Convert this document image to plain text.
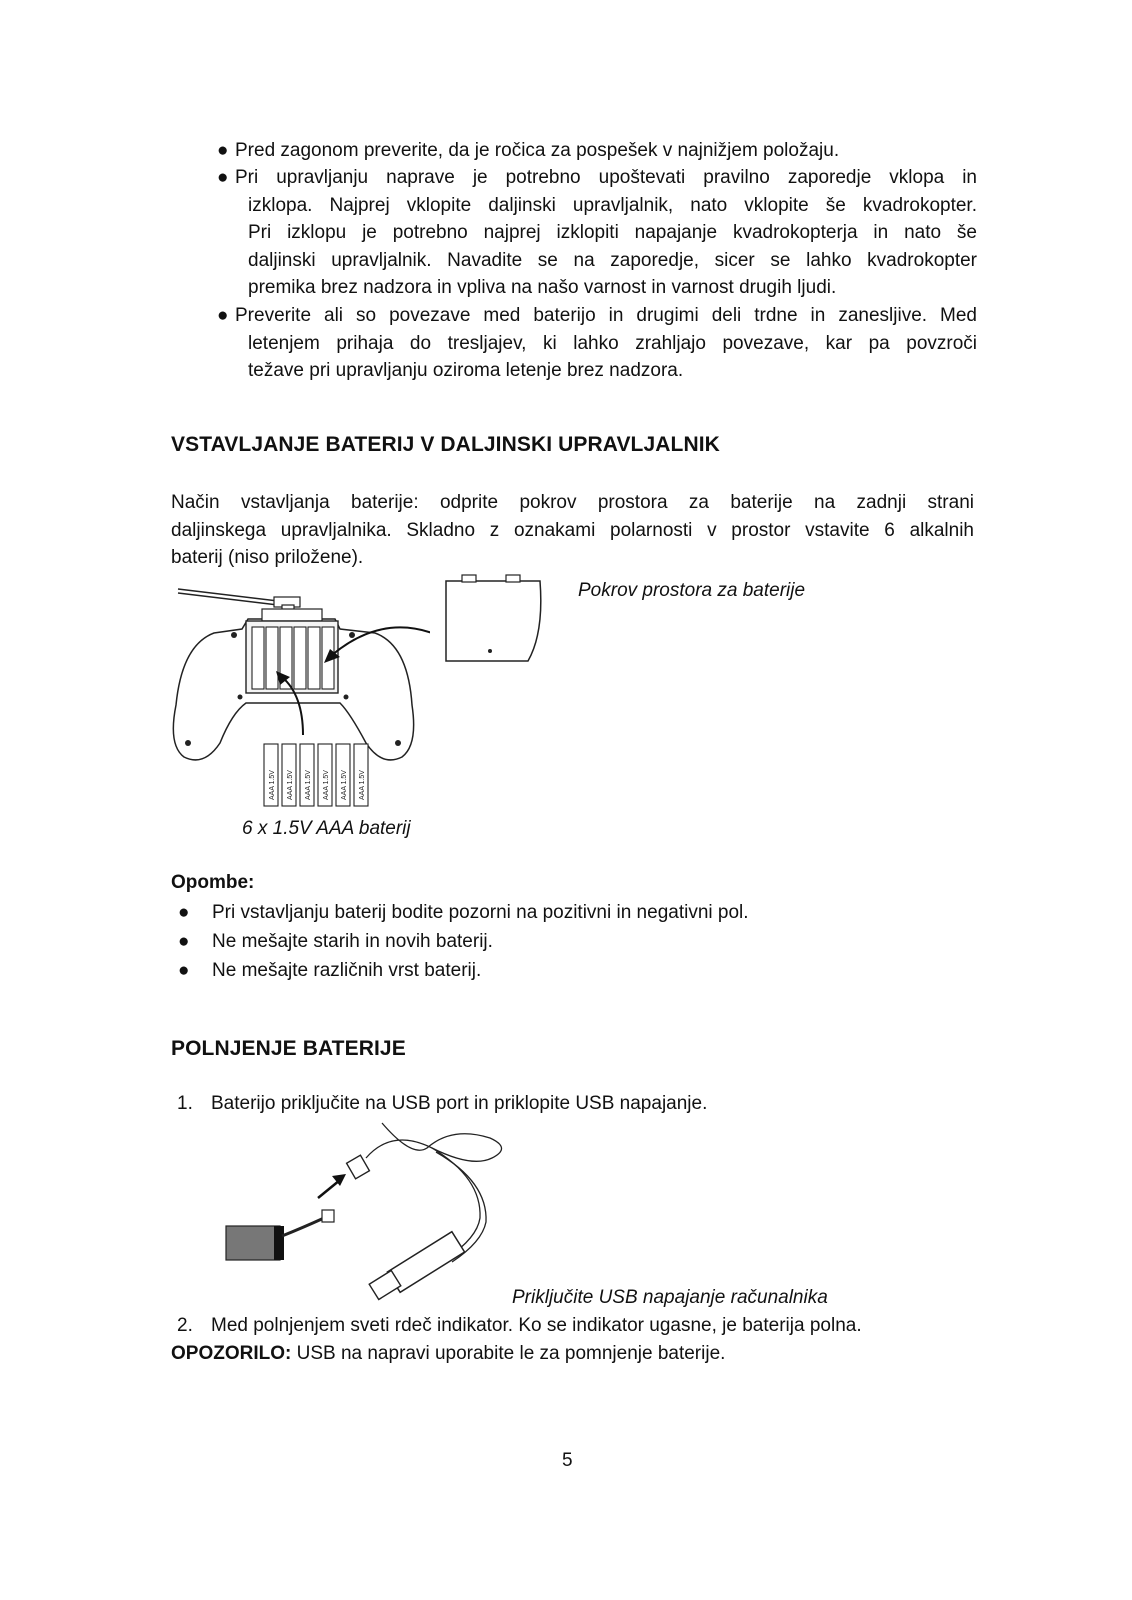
● Pred zagonom preverite, da je ročica za pospešek v najnižjem položaju.
● Pri upravljanju naprave je potrebno upoštevati pravilno zaporedje vklopa in
izklopa. Najprej vklopite daljinski upravljalnik, nato vklopite še kvadrokopter.
Pri izklopu je potrebno najprej izklopiti napajanje kvadrokopterja in nato še
daljinski upravljalnik. Navadite se na zaporedje, sicer se lahko kvadrokopter
premika brez nadzora in vpliva na našo varnost in varnost drugih ljudi.
● Preverite ali so povezave med baterijo in drugimi deli trdne in zanesljive. Med
letenjem prihaja do tresljajev, ki lahko zrahljajo povezave, kar pa povzroči
težave pri upravljanju oziroma letenje brez nadzora.
VSTAVLJANJE BATERIJ V DALJINSKI UPRAVLJALNIK
Način vstavljanja baterije: odprite pokrov prostora za baterije na zadnji strani
daljinskega upravljalnika. Skladno z oznakami polarnosti v prostor vstavite 6 alkalnih
baterij (niso priložene).
AAA 1.5V AAA 1.5V AAA 1.5V AAA 1.5V AAA 1.5V AAA 1.5V
Pokrov prostora za baterije
6 x 1.5V AAA baterij
Opombe:
● Pri vstavljanju baterij bodite pozorni na pozitivni in negativni pol.
● Ne mešajte starih in novih baterij.
● Ne mešajte različnih vrst baterij.
POLNJENJE BATERIJE
1. Baterijo priključite na USB port in priklopite USB napajanje.
Priključite USB napajanje računalnika
2. Med polnjenjem sveti rdeč indikator. Ko se indikator ugasne, je baterija polna.
OPOZORILO: USB na napravi uporabite le za pomnjenje baterije.
5
